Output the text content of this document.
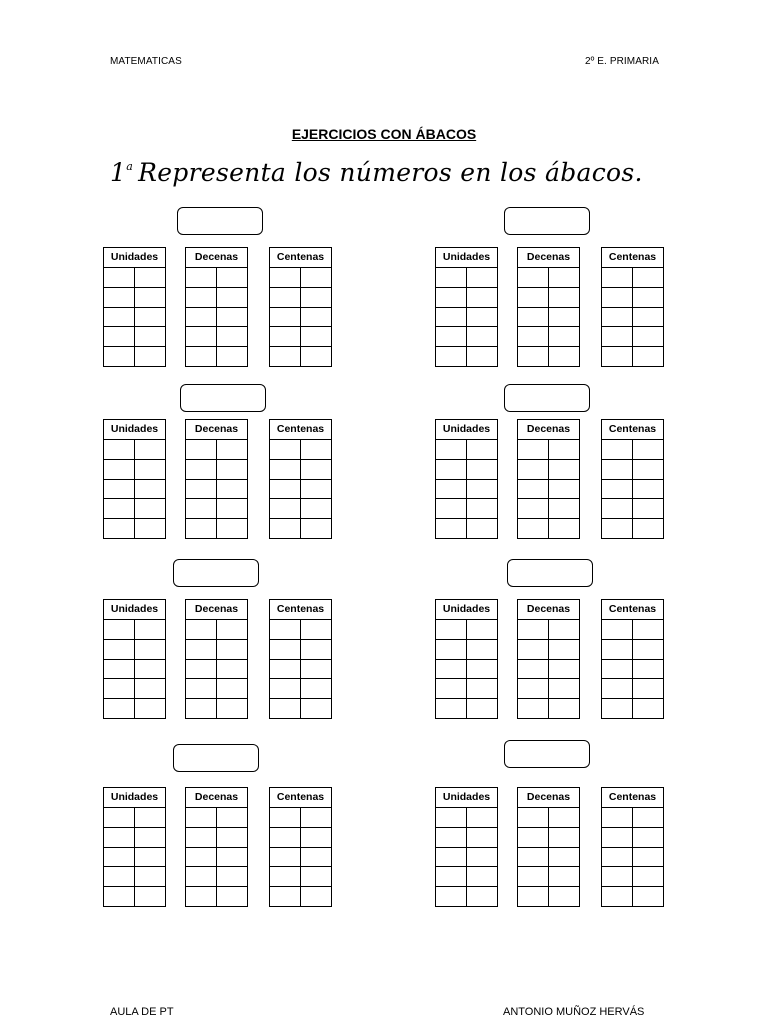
MATEMATICAS	2º E. PRIMARIA
EJERCICIOS CON ÁBACOS
1$^a$ Representa los números en los ábacos.
Unidades	Decenas	Centenas	Unidades	Decenas	Centenas
Unidades	Decenas	Centenas	Unidades	Decenas	Centenas
Unidades	Decenas	Centenas	Unidades	Decenas	Centenas
Unidades	Decenas	Centenas	Unidades	Decenas	Centenas
AULA DE PT	ANTONIO MUÑOZ HERVÁS
